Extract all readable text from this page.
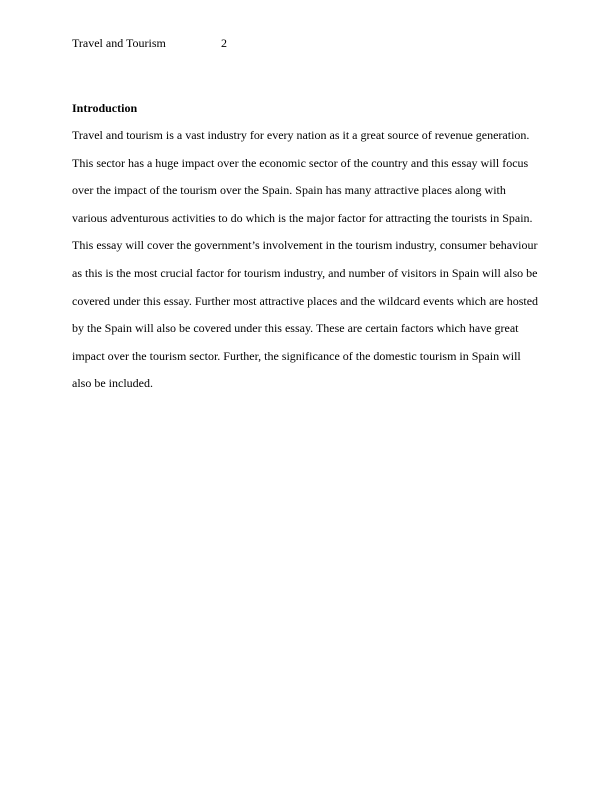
Travel and Tourism	2
Introduction
Travel and tourism is a vast industry for every nation as it a great source of revenue generation.
This sector has a huge impact over the economic sector of the country and this essay will focus
over the impact of the tourism over the Spain. Spain has many attractive places along with
various adventurous activities to do which is the major factor for attracting the tourists in Spain.
This essay will cover the government’s involvement in the tourism industry, consumer behaviour
as this is the most crucial factor for tourism industry, and number of visitors in Spain will also be
covered under this essay. Further most attractive places and the wildcard events which are hosted
by the Spain will also be covered under this essay. These are certain factors which have great
impact over the tourism sector. Further, the significance of the domestic tourism in Spain will
also be included.
